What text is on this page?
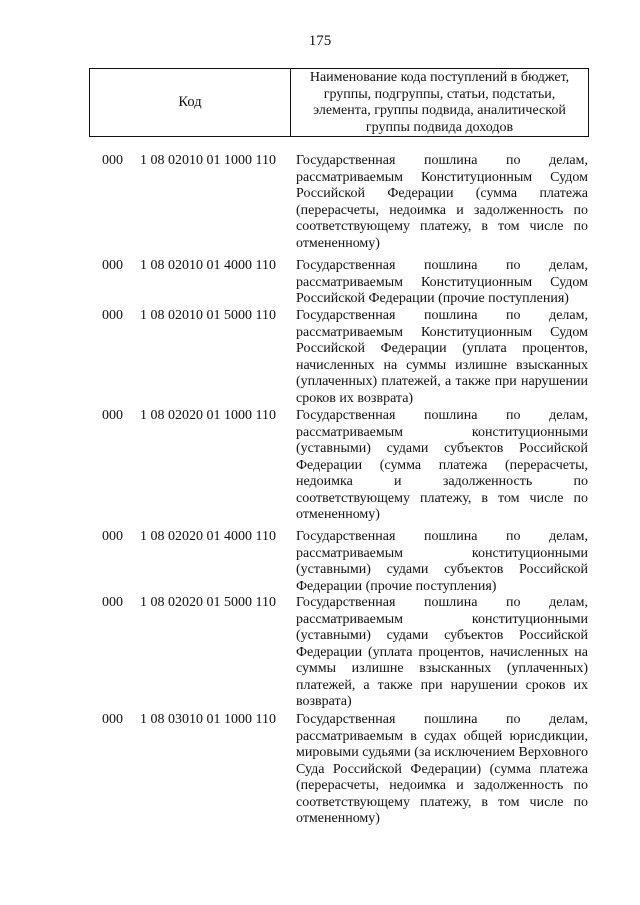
175
Код
Наименование кода поступлений в бюджет, группы, подгруппы, статьи, подстатьи, элемента, группы подвида, аналитической группы подвида доходов
000 1 08 02010 01 1000 110 Государственная пошлина по делам, рассматриваемым Конституционным Судом Российской Федерации (сумма платежа (перерасчеты, недоимка и задолженность по соответствующему платежу, в том числе по отмененному)
000 1 08 02010 01 4000 110 Государственная пошлина по делам, рассматриваемым Конституционным Судом Российской Федерации (прочие поступления)
000 1 08 02010 01 5000 110 Государственная пошлина по делам, рассматриваемым Конституционным Судом Российской Федерации (уплата процентов, начисленных на суммы излишне взысканных (уплаченных) платежей, а также при нарушении сроков их возврата)
000 1 08 02020 01 1000 110 Государственная пошлина по делам, рассматриваемым конституционными (уставными) судами субъектов Российской Федерации (сумма платежа (перерасчеты, недоимка и задолженность по соответствующему платежу, в том числе по отмененному)
000 1 08 02020 01 4000 110 Государственная пошлина по делам, рассматриваемым конституционными (уставными) судами субъектов Российской Федерации (прочие поступления)
000 1 08 02020 01 5000 110 Государственная пошлина по делам, рассматриваемым конституционными (уставными) судами субъектов Российской Федерации (уплата процентов, начисленных на суммы излишне взысканных (уплаченных) платежей, а также при нарушении сроков их возврата)
000 1 08 03010 01 1000 110 Государственная пошлина по делам, рассматриваемым в судах общей юрисдикции, мировыми судьями (за исключением Верховного Суда Российской Федерации) (сумма платежа (перерасчеты, недоимка и задолженность по соответствующему платежу, в том числе по отмененному)
